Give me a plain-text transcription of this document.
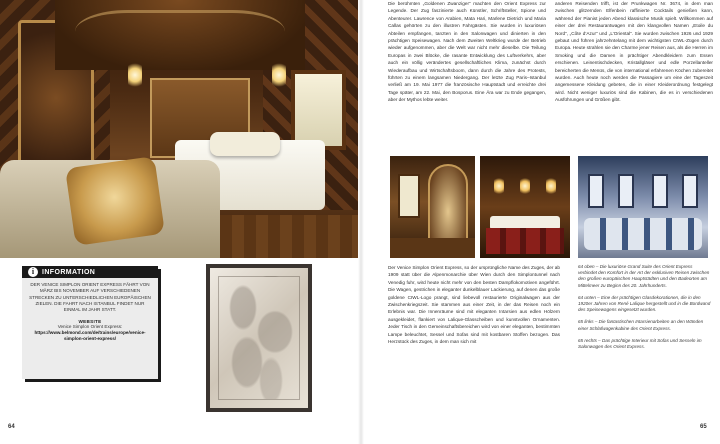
i	INFORMATION
DER VENICE SIMPLON ORIENT EXPRESS FÄHRT VON MÄRZ BIS NOVEMBER AUF VERSCHIEDENEN STRECKEN ZU UNTERSCHIEDLICHEN EUROPÄISCHEN ZIELEN. DIE FAHRT NACH ISTANBUL FINDET NUR EINMAL IM JAHR STATT.
WEBSITE
Venice Simplon Orient Express:
https://www.belmond.com/de/trains/europe/venice-simplon-orient-express/
64
Die berühmten „Goldenen Zwanziger“ machten den Orient Express zur Legende. Der Zug faszinierte auch Künstler, Schriftsteller, Spione und Abenteurer. Lawrence von Arabien, Mata Hari, Marlene Dietrich und Maria Callas gehörten zu den illustren Fahrgästen. Sie wurden in luxuriösen Abteilen empfangen, tanzten in den Salonwagen und dinierten in den prächtigen Speisewagen. Nach dem Zweiten Weltkrieg wurde der Betrieb wieder aufgenommen, aber die Welt war nicht mehr dieselbe. Die Teilung Europas in zwei Blöcke, die rasante Entwicklung des Luftverkehrs, aber auch ein völlig verändertes gesellschaftliches Klima, zunächst durch Wiederaufbau und Wirtschaftsboom, dann durch die Jahre des Protests, führten zu einem langsamen Niedergang. Der letzte Zug Paris–Istanbul verließ am 19. Mai 1977 die französische Hauptstadt und erreichte drei Tage später, am 22. Mai, den Bosporus. Eine Ära war zu Ende gegangen, aber der Mythos lebte weiter.
anderen Reisenden trifft, ist der Prunkwagen Nr. 3674, in dem man zwischen glitzernden Elfenbein raffinierte Cocktails genießen kann, während der Pianist jeden Abend klassische Musik spielt. Willkommen auf einer der drei Restaurantwagen mit den klangvollen Namen „Etoile du Nord“, „Côte d’Azur“ und „L’Oriental“. Sie wurden zwischen 1926 und 1929 gebaut und führen jahrzehntelang mit dem wichtigsten CIWL-Zügen durch Europa. Heute strahlen sie den Charme jener Reisen aus, als die Herren im Smoking und die Damen in prächtiger Abendkleidern zum Essen erschienen. Leinentischdecken, Kristallgläser und edle Porzellanteller bereicherten die Menüs, die von international erfahrenen Köchen zubereitet wurden. Auch heute noch werden die Passagiere um eine der Tageszeit angemessene Kleidung gebeten, die in einer Kleiderordnung festgelegt wird. Nicht weniger luxuriös sind die Kabinen, die es in verschiedenen Ausführungen und Größen gibt.
Der Venice Simplon Orient Express, so der ursprüngliche Name des Zuges, der ab 1909 statt über die Alpenmonarchie über Wien durch den Simplontunnel nach Venedig fuhr, wird heute nicht mehr von den besten Dampflokomotiven angeführt. Die Wagen, gestrichen in eleganter dunkelblauer Lackierung, auf denen das große goldene CIWL-Logo prangt, sind liebevoll restaurierte Originalwagen aus der Zwischenkriegszeit. Sie stammen aus einer Zeit, in der das Reisen noch ein Erlebnis war. Die Innenräume sind mit eleganten Intarsien aus edlen Hölzern ausgekleidet, flankiert von Lalique-Glasscheiben und kunstvollen Ornamenten. Jeder Tisch in den Gemeinschaftsbereichen wird von einer eleganten, bestimmten Lampe beleuchtet, Sessel und Sofas sind mit kostbaren Stoffen bezogen. Das Herzstück des Zuges, in dem man sich mit

64 oben – Die luxuriöse Grand Suite des Orient Express verbindet den Komfort in der Art der exklusiven Reisen zwischen den großen europäischen Hauptstädten und den Badeorten am Mittelmeer zu Beginn des 20. Jahrhunderts.

64 unten – Eine der prächtigen Glasdekorationen, die in den 1920er Jahren von René Lalique hergestellt und in die Bordwand des Speisewagens eingesetzt wurden.

65 links – Die fantastischen Intarsienarbeiten an den Wänden einer Schlafwagenkabine des Orient Express.

65 rechts – Das prächtige Interieur mit Sofas und Sesseln im Salonwagen des Orient Express.

65
